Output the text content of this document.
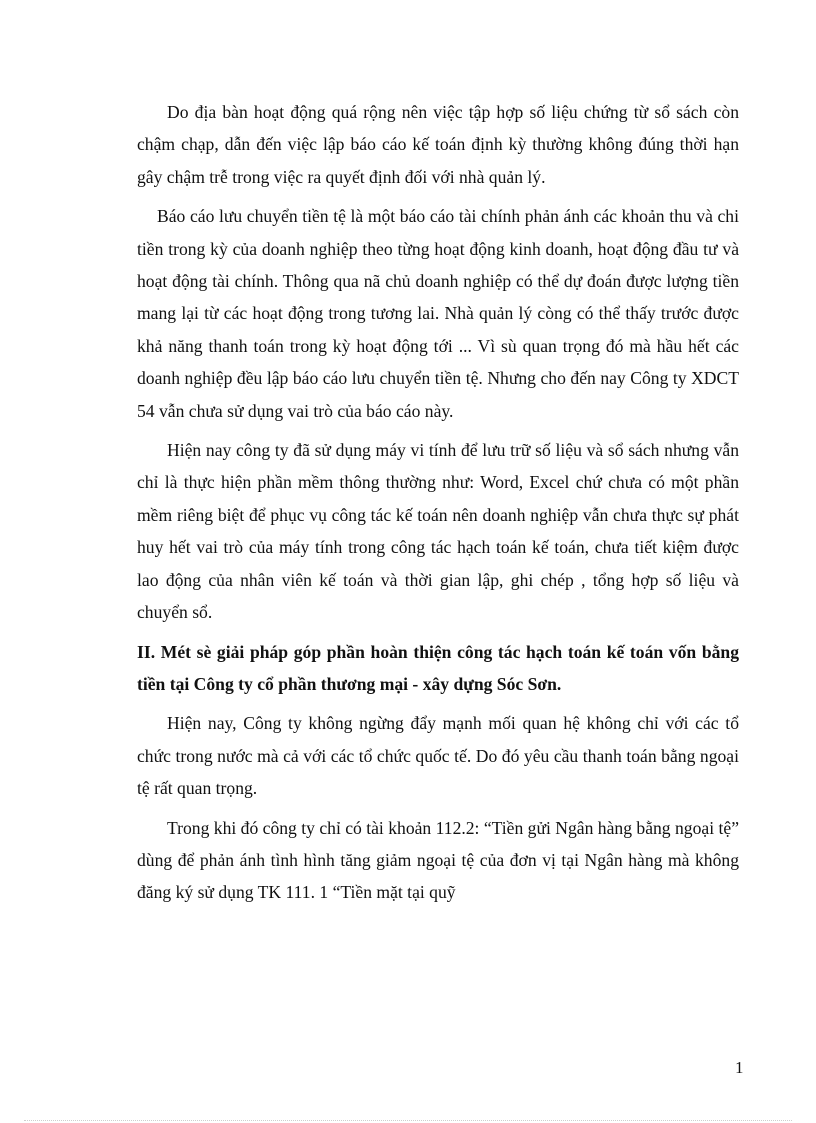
Do địa bàn hoạt động quá rộng nên việc tập hợp số liệu chứng từ sổ sách còn chậm chạp, dẫn đến việc lập báo cáo kế toán định kỳ thường không đúng thời hạn gây chậm trễ trong việc ra quyết định đối với nhà quản lý.

Báo cáo lưu chuyển tiền tệ là một báo cáo tài chính phản ánh các khoản thu và chi tiền trong kỳ của doanh nghiệp theo từng hoạt động kinh doanh, hoạt động đầu tư và hoạt động tài chính. Thông qua nã chủ doanh nghiệp có thể dự đoán được lượng tiền mang lại từ các hoạt động trong tương lai. Nhà quản lý còng có thể thấy trước được khả năng thanh toán trong kỳ hoạt động tới ... Vì sù quan trọng đó mà hầu hết các doanh nghiệp đều lập báo cáo lưu chuyển tiền tệ. Nhưng cho đến nay Công ty XDCT 54 vẫn chưa sử dụng vai trò của báo cáo này.

Hiện nay công ty đã sử dụng máy vi tính để lưu trữ số liệu và sổ sách nhưng vẫn chỉ là thực hiện phần mềm thông thường như: Word, Excel chứ chưa có một phần mềm riêng biệt để phục vụ công tác kế toán nên doanh nghiệp vẫn chưa thực sự phát huy hết vai trò của máy tính trong công tác hạch toán kế toán, chưa tiết kiệm được lao động của nhân viên kế toán và thời gian lập, ghi chép , tổng hợp số liệu và chuyển sổ.

II. Mét sè giải pháp góp phần hoàn thiện công tác hạch toán kế toán vốn bằng tiền tại Công ty cổ phần thương mại - xây dựng Sóc Sơn.

Hiện nay, Công ty không ngừng đẩy mạnh mối quan hệ không chỉ với các tổ chức trong nước mà cả với các tổ chức quốc tế. Do đó yêu cầu thanh toán bằng ngoại tệ rất quan trọng.

Trong khi đó công ty chỉ có tài khoản 112.2: “Tiền gửi Ngân hàng bằng ngoại tệ” dùng để phản ánh tình hình tăng giảm ngoại tệ của đơn vị tại Ngân hàng mà không đăng ký sử dụng TK 111. 1 “Tiền mặt tại quỹ

1
